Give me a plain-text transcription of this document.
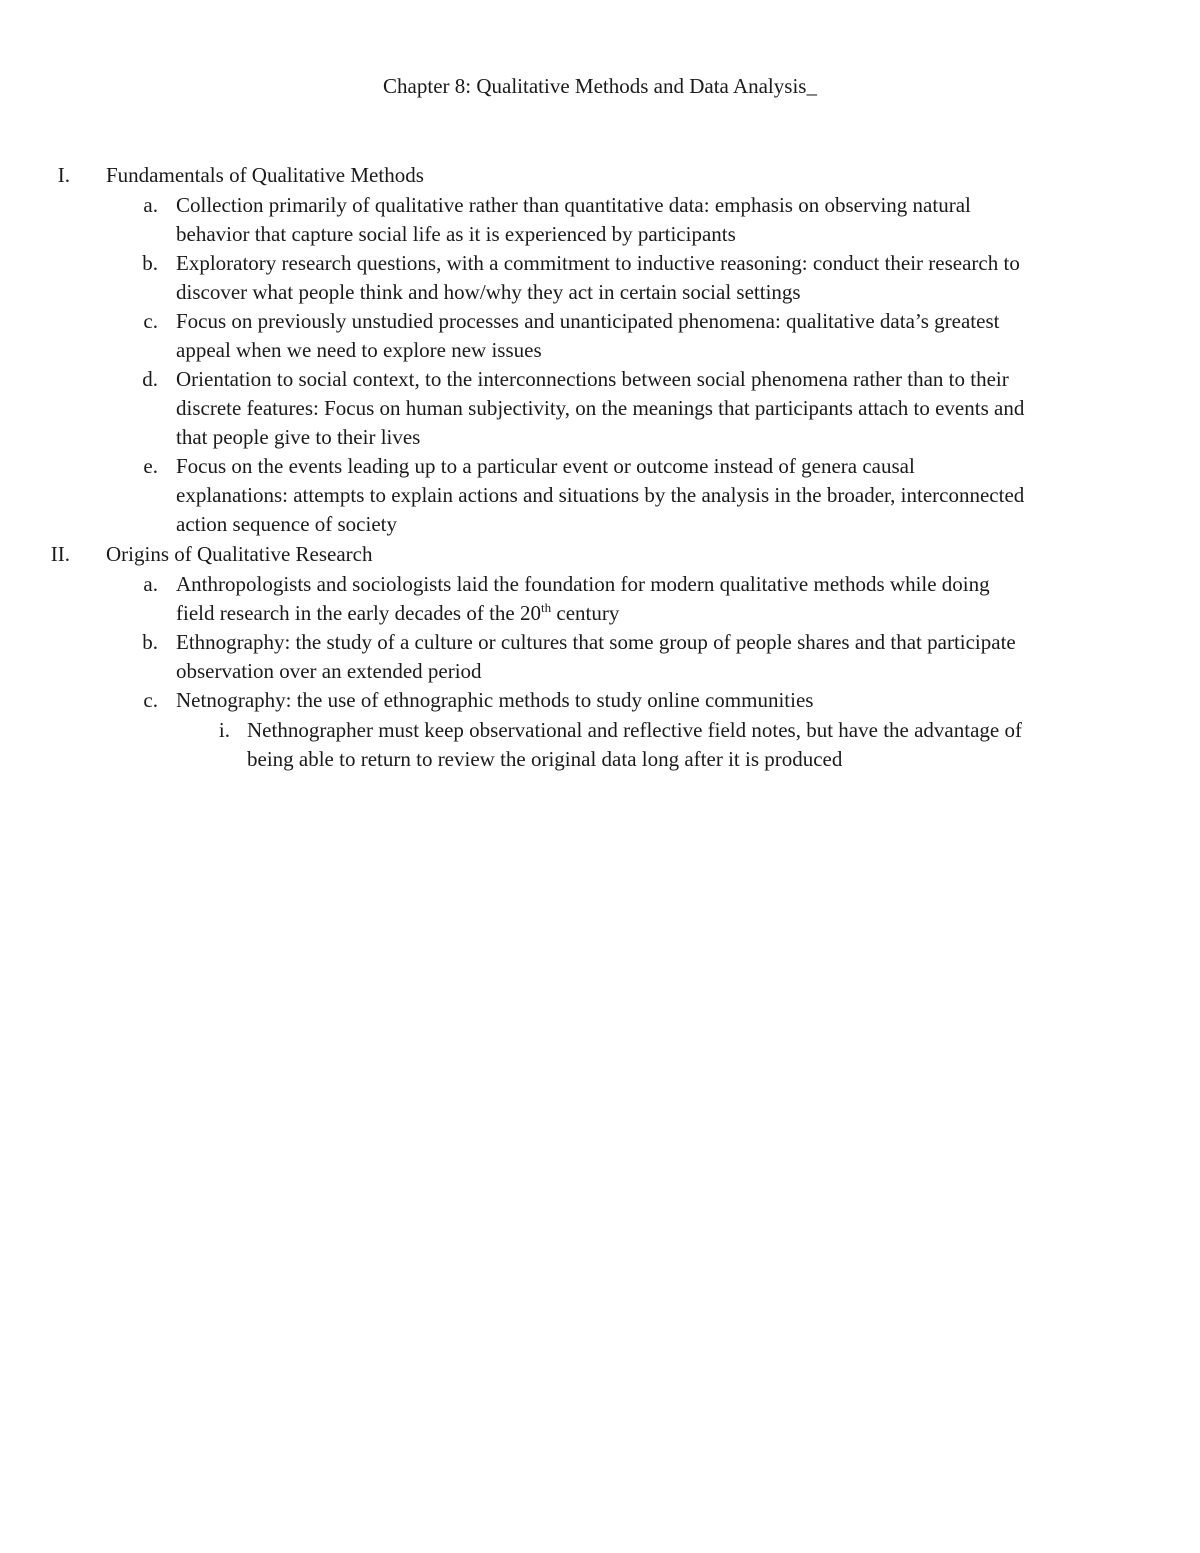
Chapter 8: Qualitative Methods and Data Analysis_
I. Fundamentals of Qualitative Methods
a. Collection primarily of qualitative rather than quantitative data: emphasis on observing natural
behavior that capture social life as it is experienced by participants
b. Exploratory research questions, with a commitment to inductive reasoning: conduct their research to
discover what people think and how/why they act in certain social settings
c. Focus on previously unstudied processes and unanticipated phenomena: qualitative data’s greatest
appeal when we need to explore new issues
d. Orientation to social context, to the interconnections between social phenomena rather than to their
discrete features: Focus on human subjectivity, on the meanings that participants attach to events and
that people give to their lives
e. Focus on the events leading up to a particular event or outcome instead of genera causal
explanations: attempts to explain actions and situations by the analysis in the broader, interconnected
action sequence of society
II. Origins of Qualitative Research
a. Anthropologists and sociologists laid the foundation for modern qualitative methods while doing
field research in the early decades of the 20th century
b. Ethnography: the study of a culture or cultures that some group of people shares and that participate
observation over an extended period
c. Netnography: the use of ethnographic methods to study online communities
i. Nethnographer must keep observational and reflective field notes, but have the advantage of
being able to return to review the original data long after it is produced
